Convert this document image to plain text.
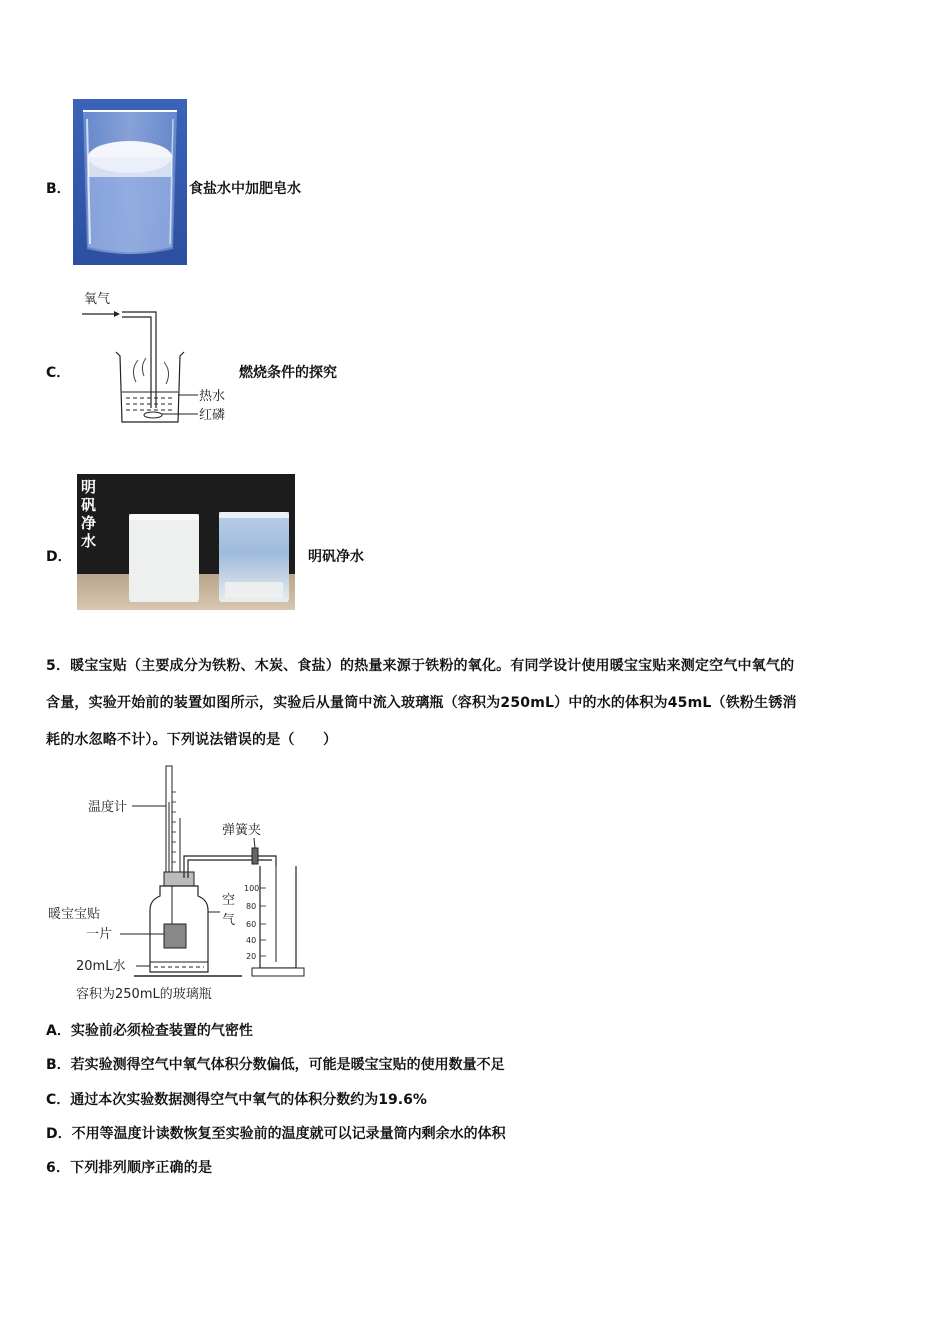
B．	食盐水中加肥皂水
C．
氧气
热水
红磷
燃烧条件的探究
D．
明
矾
净
水
明矾净水
5．暖宝宝贴（主要成分为铁粉、木炭、食盐）的热量来源于铁粉的氧化。有同学设计使用暖宝宝贴来测定空气中氧气的
含量，实验开始前的装置如图所示，实验后从量筒中流入玻璃瓶（容积为250mL）中的水的体积为45mL（铁粉生锈消
耗的水忽略不计）。下列说法错误的是（　　）
温度计
空
气
弹簧夹
100
80
60
40
20
暖宝宝贴
一片
20mL水
容积为250mL的玻璃瓶
A．实验前必须检查装置的气密性
B．若实验测得空气中氧气体积分数偏低，可能是暖宝宝贴的使用数量不足
C．通过本次实验数据测得空气中氧气的体积分数约为19.6%
D．不用等温度计读数恢复至实验前的温度就可以记录量筒内剩余水的体积
6．下列排列顺序正确的是
